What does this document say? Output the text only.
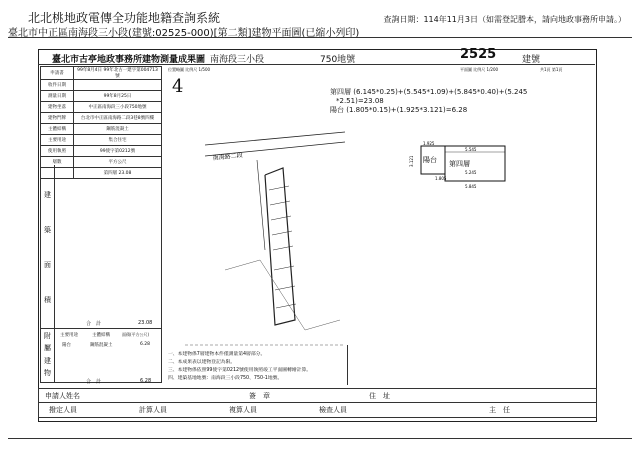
北北桃地政電傳全功能地籍查詢系統	查詢日期：114年11月3日（如需登記謄本，請向地政事務所申請。）
臺北市中正區南海段三小段(建號:02525-000)[第二類]建物平面圖(已縮小列印)
臺北市古亭地政事務所建物測量成果圖 南海段三小段	750地號	2525	建號
位置略圖 比例尺 1/500	平面圖 比例尺 1/200	共1頁 第1頁
4
申請書	99年8月4日 99年北古一建字第004713號
收件日期	
測量日期	99年8月25日
建物坐落	中正區南海段三小段750地號
建物門牌	台北市中正區南海路二段3巷8號四樓
主體結構	鋼筋混凝土
主要用途	集合住宅
使用執照	99使字第0212號
層數	平方公尺
	第四層 23.08
建
築
面
積
合　計	23.08
附
屬
建
物
主要用途	主體結構	面積(平方公尺)
陽台	鋼筋混凝土	6.28
合　計	6.28
南海路二段
第四層 (6.145*0.25)+(5.545*1.09)+(5.845*0.40)+(5.245
*2.51)=23.08
陽台 (1.805*0.15)+(1.925*3.121)=6.28
第四層
陽台
1.925
5.545
3.121
1.805
5.245
5.845
一、本建物係7層建物本件僅測量第4層部分。
二、本成果表以建物登記為限。
三、本建物係依照99使字第0212號使用執照竣工平面圖轉繪計算。
四、建築基地地號：南海段三小段750、750-1地號。
申請人姓名	簽　章	住　址
撥定人員	計算人員	複算人員	檢查人員	主　任
